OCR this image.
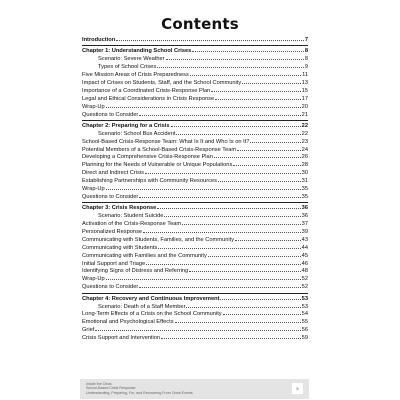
Contents
Introduction	7
Chapter 1: Understanding School Crises	8
Scenario: Severe Weather	8
Types of School Crises	9
Five Mission Areas of Crisis Preparedness	11
Impact of Crises on Students, Staff, and the School Community	13
Importance of a Coordinated Crisis-Response Plan	15
Legal and Ethical Considerations in Crisis Response	17
Wrap-Up	20
Questions to Consider	21
Chapter 2: Preparing for a Crisis	22
Scenario: School Bus Accident	22
School-Based Crisis-Response Team: What Is It and Who Is on It?	23
Potential Members of a School-Based Crisis-Response Team	24
Developing a Comprehensive Crisis-Response Plan	26
Planning for the Needs of Vulnerable or Unique Populations	28
Direct and Indirect Crisis	30
Establishing Partnerships with Community Resources	31
Wrap-Up	35
Questions to Consider	35
Chapter 3: Crisis Response	36
Scenario: Student Suicide	36
Activation of the Crisis-Response Team	37
Personalized Response	39
Communicating with Students, Families, and the Community	43
Communicating with Students	44
Communicating with Families and the Community	45
Initial Support and Triage	46
Identifying Signs of Distress and Referring	48
Wrap-Up	52
Questions to Consider	52
Chapter 4: Recovery and Continuous Improvement	53
Scenario: Death of a Staff Member	53
Long-Term Effects of a Crisis on the School Community	54
Emotional and Psychological Effects	55
Grief	56
Crisis Support and Intervention	59
Inside the Crisis
School-Based Crisis Response
Understanding, Preparing, For, and Recovering From Crisis Events
5
